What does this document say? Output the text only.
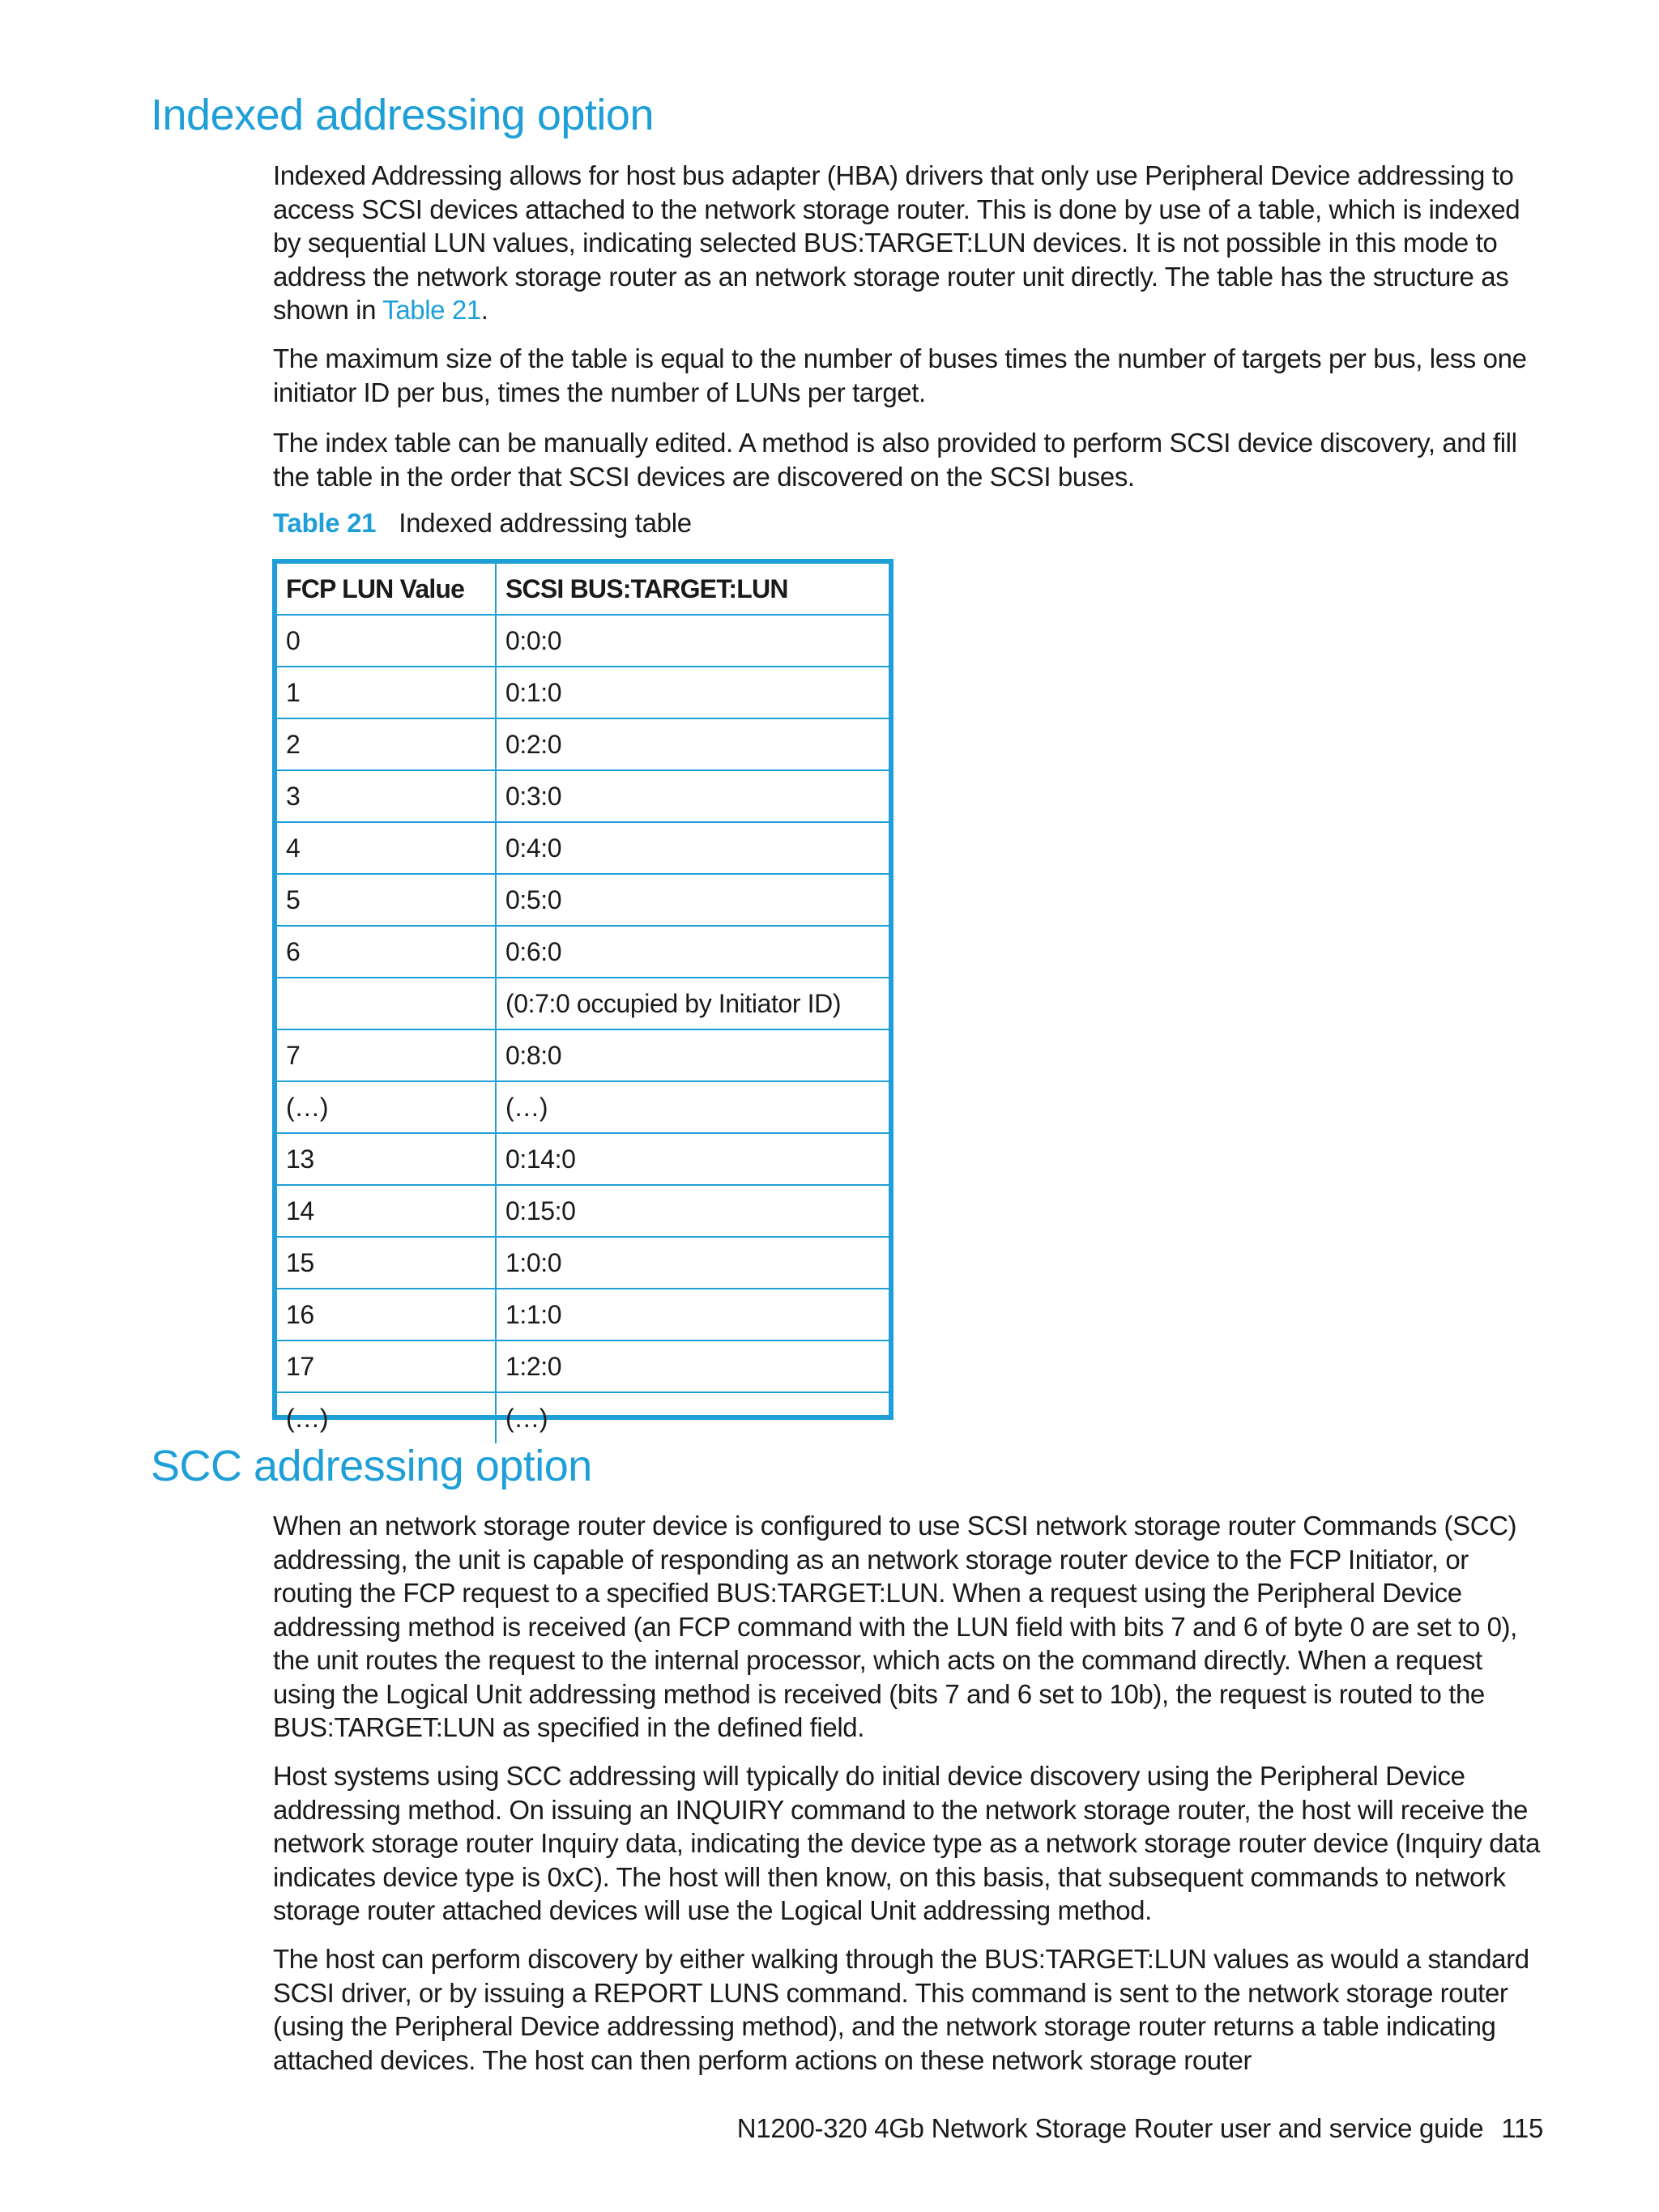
Indexed addressing option

Indexed Addressing allows for host bus adapter (HBA) drivers that only use Peripheral Device addressing to access SCSI devices attached to the network storage router. This is done by use of a table, which is indexed by sequential LUN values, indicating selected BUS:TARGET:LUN devices. It is not possible in this mode to address the network storage router as an network storage router unit directly. The table has the structure as shown in Table 21.

The maximum size of the table is equal to the number of buses times the number of targets per bus, less one initiator ID per bus, times the number of LUNs per target.

The index table can be manually edited. A method is also provided to perform SCSI device discovery, and fill the table in the order that SCSI devices are discovered on the SCSI buses.

Table 21 Indexed addressing table
FCP LUN Value	SCSI BUS:TARGET:LUN
0	0:0:0
1	0:1:0
2	0:2:0
3	0:3:0
4	0:4:0
5	0:5:0
6	0:6:0
	(0:7:0 occupied by Initiator ID)
7	0:8:0
(…)	(…)
13	0:14:0
14	0:15:0
15	1:0:0
16	1:1:0
17	1:2:0
(…)	(…)
SCC addressing option

When an network storage router device is configured to use SCSI network storage router Commands (SCC) addressing, the unit is capable of responding as an network storage router device to the FCP Initiator, or routing the FCP request to a specified BUS:TARGET:LUN. When a request using the Peripheral Device addressing method is received (an FCP command with the LUN field with bits 7 and 6 of byte 0 are set to 0), the unit routes the request to the internal processor, which acts on the command directly. When a request using the Logical Unit addressing method is received (bits 7 and 6 set to 10b), the request is routed to the BUS:TARGET:LUN as specified in the defined field.

Host systems using SCC addressing will typically do initial device discovery using the Peripheral Device addressing method. On issuing an INQUIRY command to the network storage router, the host will receive the network storage router Inquiry data, indicating the device type as a network storage router device (Inquiry data indicates device type is 0xC). The host will then know, on this basis, that subsequent commands to network storage router attached devices will use the Logical Unit addressing method.

The host can perform discovery by either walking through the BUS:TARGET:LUN values as would a standard SCSI driver, or by issuing a REPORT LUNS command. This command is sent to the network storage router (using the Peripheral Device addressing method), and the network storage router returns a table indicating attached devices. The host can then perform actions on these network storage router

N1200-320 4Gb Network Storage Router user and service guide 115
